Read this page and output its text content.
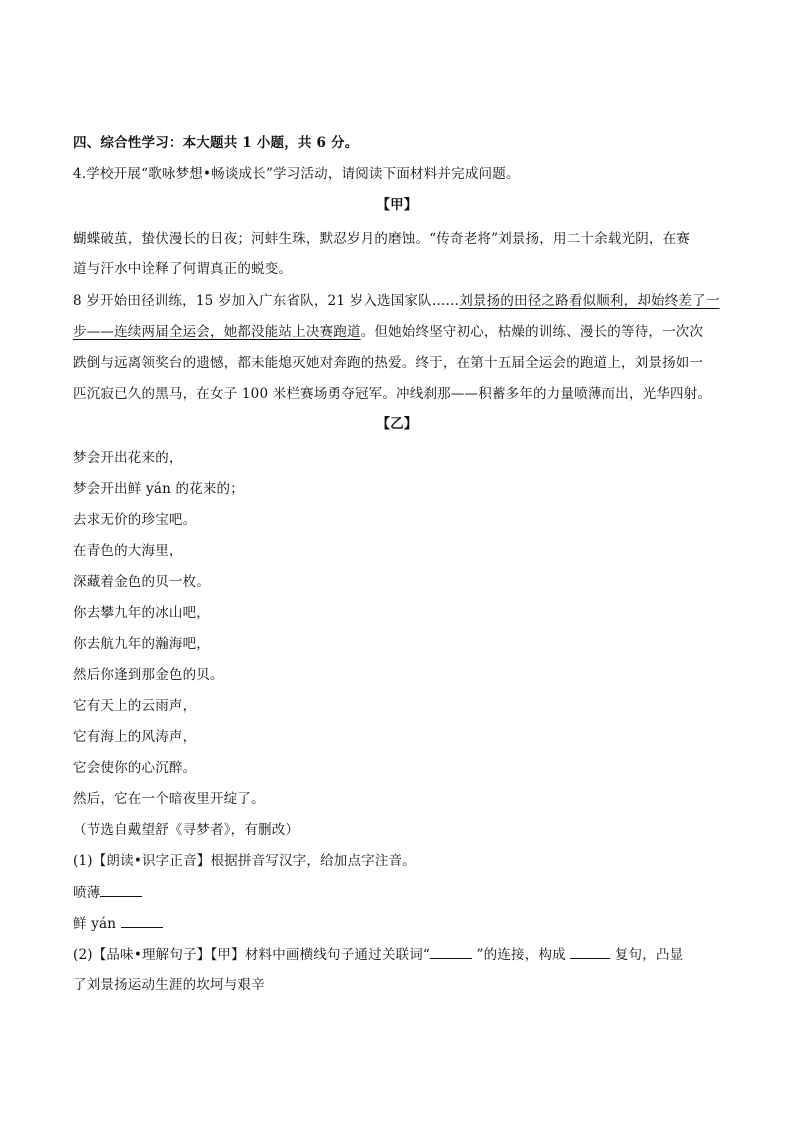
四、综合性学习：本大题共 1 小题，共 6 分。
4.学校开展“歌咏梦想•畅谈成长”学习活动，请阅读下面材料并完成问题。
【甲】
蝴蝶破茧，蛰伏漫长的日夜；河蚌生珠，默忍岁月的磨蚀。“传奇老将”刘景扬，用二十余载光阴，在赛
道与汗水中诠释了何谓真正的蜕变。
8 岁开始田径训练，15 岁加入广东省队，21 岁入选国家队……刘景扬的田径之路看似顺利，却始终差了一
步——连续两届全运会，她都没能站上决赛跑道。但她始终坚守初心，枯燥的训练、漫长的等待，一次次
跌倒与远离领奖台的遗憾，都未能熄灭她对奔跑的热爱。终于，在第十五届全运会的跑道上，刘景扬如一
匹沉寂已久的黑马，在女子 100 米栏赛场勇夺冠军。冲线刹那——积蓄多年的力量喷薄而出，光华四射。
【乙】
梦会开出花来的，
梦会开出鲜 yán 的花来的；
去求无价的珍宝吧。
在青色的大海里，
深藏着金色的贝一枚。
你去攀九年的冰山吧，
你去航九年的瀚海吧，
然后你逢到那金色的贝。
它有天上的云雨声，
它有海上的风涛声，
它会使你的心沉醉。
然后，它在一个暗夜里开绽了。
（节选自戴望舒《寻梦者》，有删改）
(1)【朗读•识字正音】根据拼音写汉字，给加点字注音。
喷薄
鲜 yán
(2)【品味•理解句子】【甲】材料中画横线句子通过关联词“	”的连接，构成	复句，凸显
了刘景扬运动生涯的坎坷与艰辛
